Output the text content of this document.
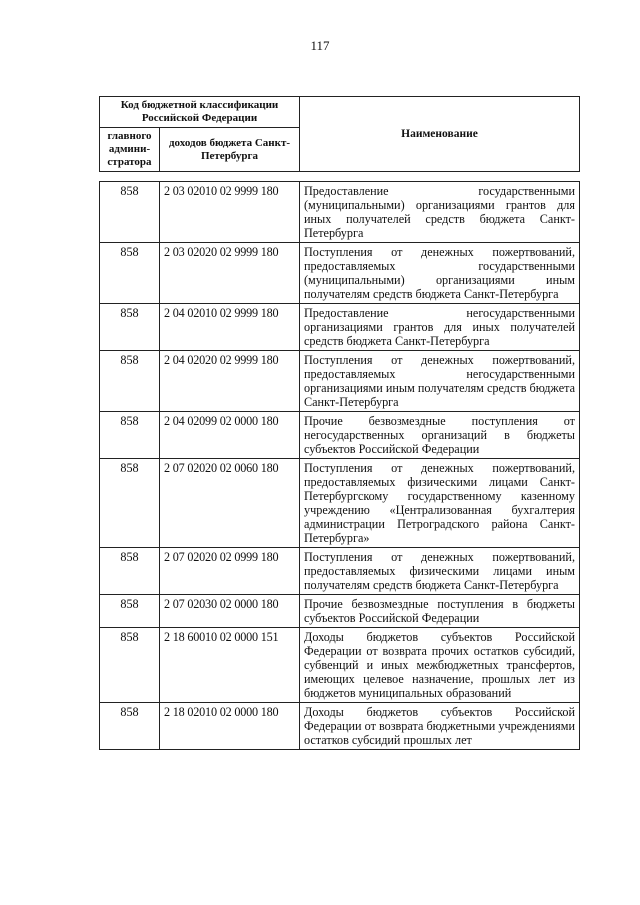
117
Код бюджетной классификации Российской Федерации		Наименование
главного админи-стратора	доходов бюджета Санкт-Петербурга	
858	2 03 02010 02 9999 180	Предоставление государственными (муниципальными) организациями грантов для иных получателей средств бюджета Санкт-Петербурга
858	2 03 02020 02 9999 180	Поступления от денежных пожертвований, предоставляемых государственными (муниципальными) организациями иным получателям средств бюджета Санкт-Петербурга
858	2 04 02010 02 9999 180	Предоставление негосударственными организациями грантов для иных получателей средств бюджета Санкт-Петербурга
858	2 04 02020 02 9999 180	Поступления от денежных пожертвований, предоставляемых негосударственными организациями иным получателям средств бюджета Санкт-Петербурга
858	2 04 02099 02 0000 180	Прочие безвозмездные поступления от негосударственных организаций в бюджеты субъектов Российской Федерации
858	2 07 02020 02 0060 180	Поступления от денежных пожертвований, предоставляемых физическими лицами Санкт-Петербургскому государственному казенному учреждению «Централизованная бухгалтерия администрации Петроградского района Санкт-Петербурга»
858	2 07 02020 02 0999 180	Поступления от денежных пожертвований, предоставляемых физическими лицами иным получателям средств бюджета Санкт-Петербурга
858	2 07 02030 02 0000 180	Прочие безвозмездные поступления в бюджеты субъектов Российской Федерации
858	2 18 60010 02 0000 151	Доходы бюджетов субъектов Российской Федерации от возврата прочих остатков субсидий, субвенций и иных межбюджетных трансфертов, имеющих целевое назначение, прошлых лет из бюджетов муниципальных образований
858	2 18 02010 02 0000 180	Доходы бюджетов субъектов Российской Федерации от возврата бюджетными учреждениями остатков субсидий прошлых лет
